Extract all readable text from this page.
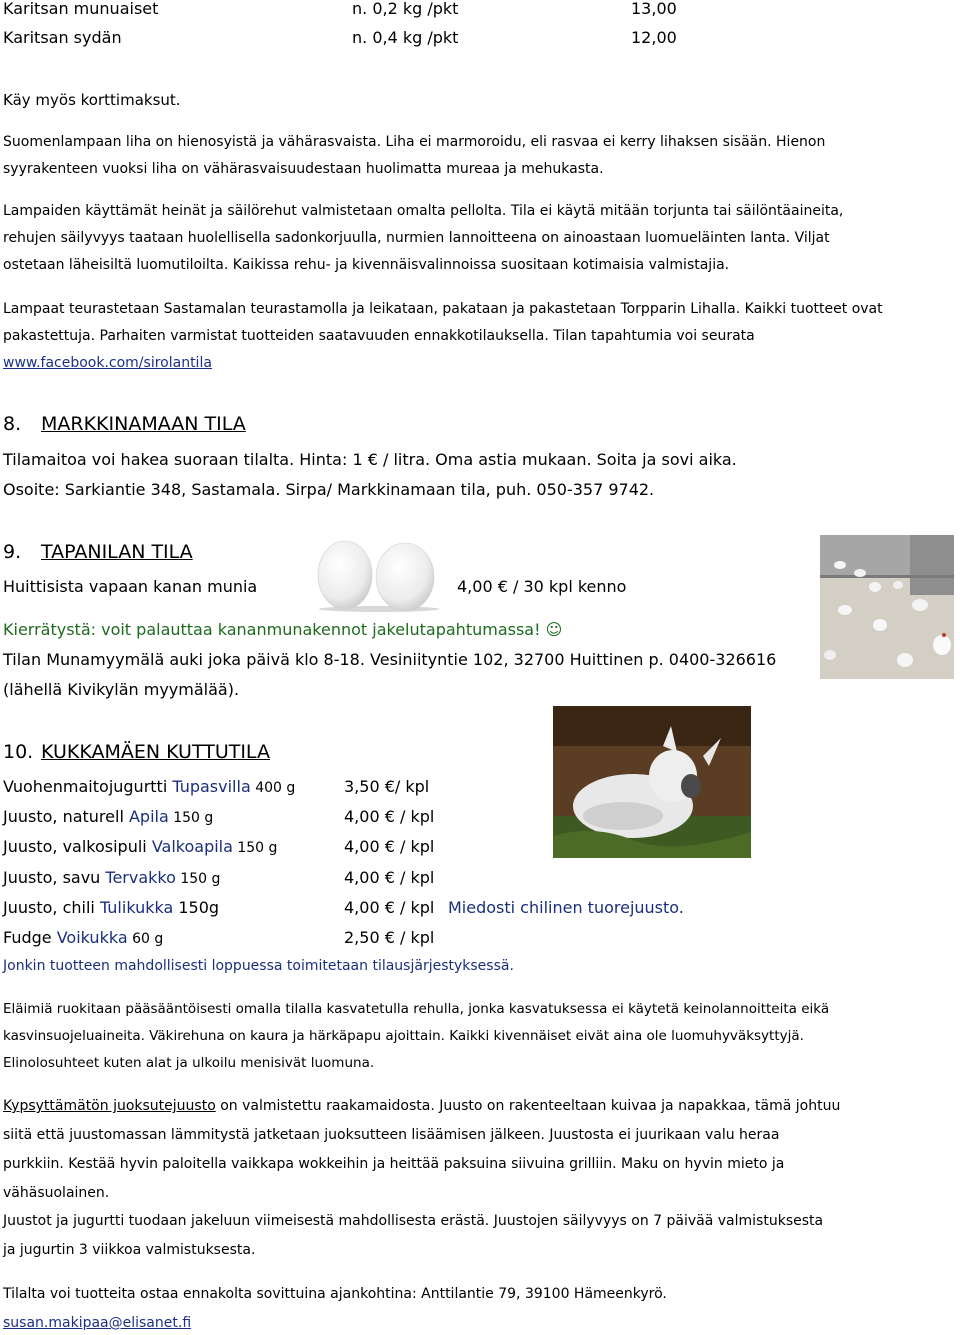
Karitsan munuaiset	n. 0,2 kg /pkt	13,00
Karitsan sydän	n. 0,4 kg /pkt	12,00
Käy myös korttimaksut.
Suomenlampaan liha on hienosyistä ja vähärasvaista. Liha ei marmoroidu, eli rasvaa ei kerry lihaksen sisään. Hienon
syyrakenteen vuoksi liha on vähärasvaisuudestaan huolimatta mureaa ja mehukasta.
Lampaiden käyttämät heinät ja säilörehut valmistetaan omalta pellolta. Tila ei käytä mitään torjunta tai säilöntäaineita,
rehujen säilyvyys taataan huolellisella sadonkorjuulla, nurmien lannoitteena on ainoastaan luomueläinten lanta. Viljat
ostetaan läheisiltä luomutiloilta. Kaikissa rehu- ja kivennäisvalinnoissa suositaan kotimaisia valmistajia.
Lampaat teurastetaan Sastamalan teurastamolla ja leikataan, pakataan ja pakastetaan Torpparin Lihalla. Kaikki tuotteet ovat
pakastettuja. Parhaiten varmistat tuotteiden saatavuuden ennakkotilauksella. Tilan tapahtumia voi seurata
www.facebook.com/sirolantila
8. MARKKINAMAAN TILA
Tilamaitoa voi hakea suoraan tilalta. Hinta: 1 € / litra. Oma astia mukaan. Soita ja sovi aika.
Osoite: Sarkiantie 348, Sastamala. Sirpa/ Markkinamaan tila, puh. 050-357 9742.
9. TAPANILAN TILA
Huittisista vapaan kanan munia	4,00 € / 30 kpl kenno
Kierrätystä: voit palauttaa kananmunakennot jakelutapahtumassa! ☺
Tilan Munamyymälä auki joka päivä klo 8-18. Vesiniityntie 102, 32700 Huittinen p. 0400-326616
(lähellä Kivikylän myymälää).
10. KUKKAMÄEN KUTTUTILA
Vuohenmaitojugurtti Tupasvilla 400 g	3,50 €/ kpl
Juusto, naturell Apila 150 g	4,00 € / kpl
Juusto, valkosipuli Valkoapila 150 g	4,00 € / kpl
Juusto, savu Tervakko 150 g	4,00 € / kpl
Juusto, chili Tulikukka 150g	4,00 € / kpl Miedosti chilinen tuorejuusto.
Fudge Voikukka 60 g	2,50 € / kpl
Jonkin tuotteen mahdollisesti loppuessa toimitetaan tilausjärjestyksessä.
Eläimiä ruokitaan pääsääntöisesti omalla tilalla kasvatetulla rehulla, jonka kasvatuksessa ei käytetä keinolannoitteita eikä
kasvinsuojeluaineita. Väkirehuna on kaura ja härkäpapu ajoittain. Kaikki kivennäiset eivät aina ole luomuhyväksyttyjä.
Elinolosuhteet kuten alat ja ulkoilu menisivät luomuna.
Kypsyttämätön juoksutejuusto on valmistettu raakamaidosta. Juusto on rakenteeltaan kuivaa ja napakkaa, tämä johtuu
siitä että juustomassan lämmitystä jatketaan juoksutteen lisäämisen jälkeen. Juustosta ei juurikaan valu heraa
purkkiin. Kestää hyvin paloitella vaikkapa wokkeihin ja heittää paksuina siivuina grilliin. Maku on hyvin mieto ja
vähäsuolainen.
Juustot ja jugurtti tuodaan jakeluun viimeisestä mahdollisesta erästä. Juustojen säilyvyys on 7 päivää valmistuksesta
ja jugurtin 3 viikkoa valmistuksesta.
Tilalta voi tuotteita ostaa ennakolta sovittuina ajankohtina: Anttilantie 79, 39100 Hämeenkyrö.
susan.makipaa@elisanet.fi
